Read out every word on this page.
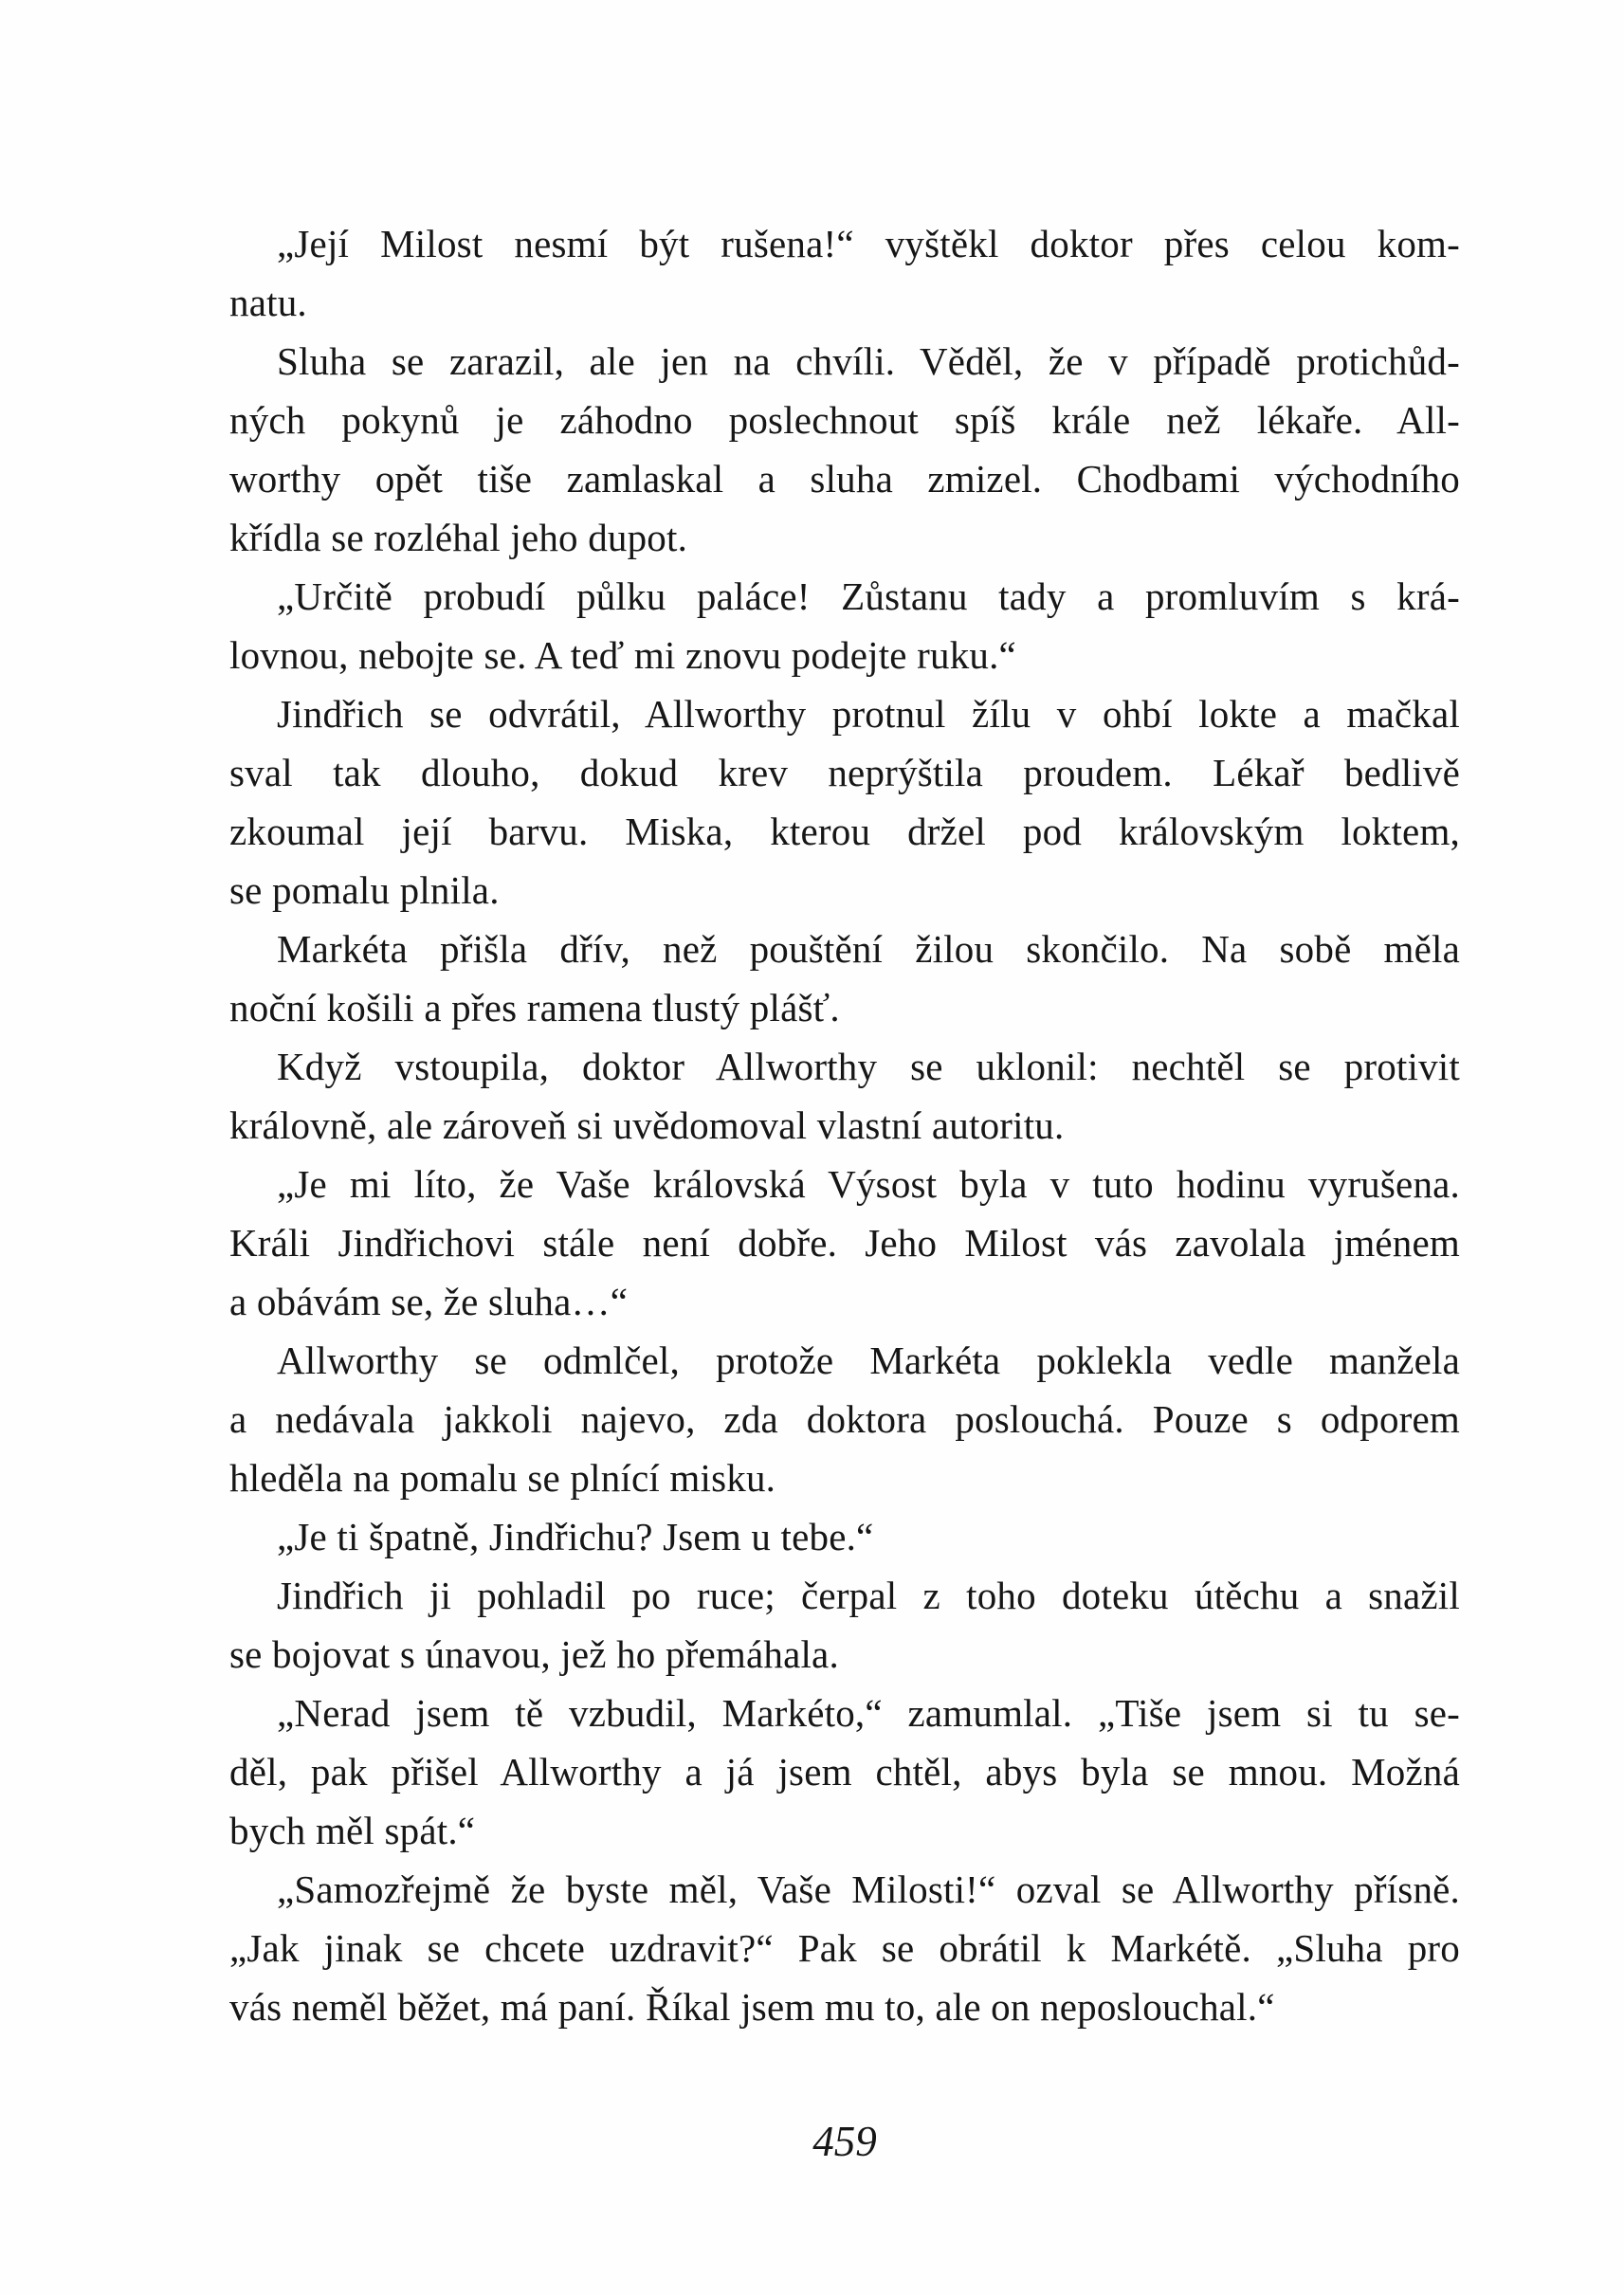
„Její Milost nesmí být rušena!“ vyštěkl doktor přes celou kom-
natu.
Sluha se zarazil, ale jen na chvíli. Věděl, že v případě protichůd-
ných pokynů je záhodno poslechnout spíš krále než lékaře. All-
worthy opět tiše zamlaskal a sluha zmizel. Chodbami východního
křídla se rozléhal jeho dupot.
„Určitě probudí půlku paláce! Zůstanu tady a promluvím s krá-
lovnou, nebojte se. A teď mi znovu podejte ruku.“
Jindřich se odvrátil, Allworthy protnul žílu v ohbí lokte a mačkal
sval tak dlouho, dokud krev neprýštila proudem. Lékař bedlivě
zkoumal její barvu. Miska, kterou držel pod královským loktem,
se pomalu plnila.
Markéta přišla dřív, než pouštění žilou skončilo. Na sobě měla
noční košili a přes ramena tlustý plášť.
Když vstoupila, doktor Allworthy se uklonil: nechtěl se protivit
královně, ale zároveň si uvědomoval vlastní autoritu.
„Je mi líto, že Vaše královská Výsost byla v tuto hodinu vyrušena.
Králi Jindřichovi stále není dobře. Jeho Milost vás zavolala jménem
a obávám se, že sluha…“
Allworthy se odmlčel, protože Markéta poklekla vedle manžela
a nedávala jakkoli najevo, zda doktora poslouchá. Pouze s odporem
hleděla na pomalu se plnící misku.
„Je ti špatně, Jindřichu? Jsem u tebe.“
Jindřich ji pohladil po ruce; čerpal z toho doteku útěchu a snažil
se bojovat s únavou, jež ho přemáhala.
„Nerad jsem tě vzbudil, Markéto,“ zamumlal. „Tiše jsem si tu se-
děl, pak přišel Allworthy a já jsem chtěl, abys byla se mnou. Možná
bych měl spát.“
„Samozřejmě že byste měl, Vaše Milosti!“ ozval se Allworthy přísně.
„Jak jinak se chcete uzdravit?“ Pak se obrátil k Markétě. „Sluha pro
vás neměl běžet, má paní. Říkal jsem mu to, ale on neposlouchal.“
459
